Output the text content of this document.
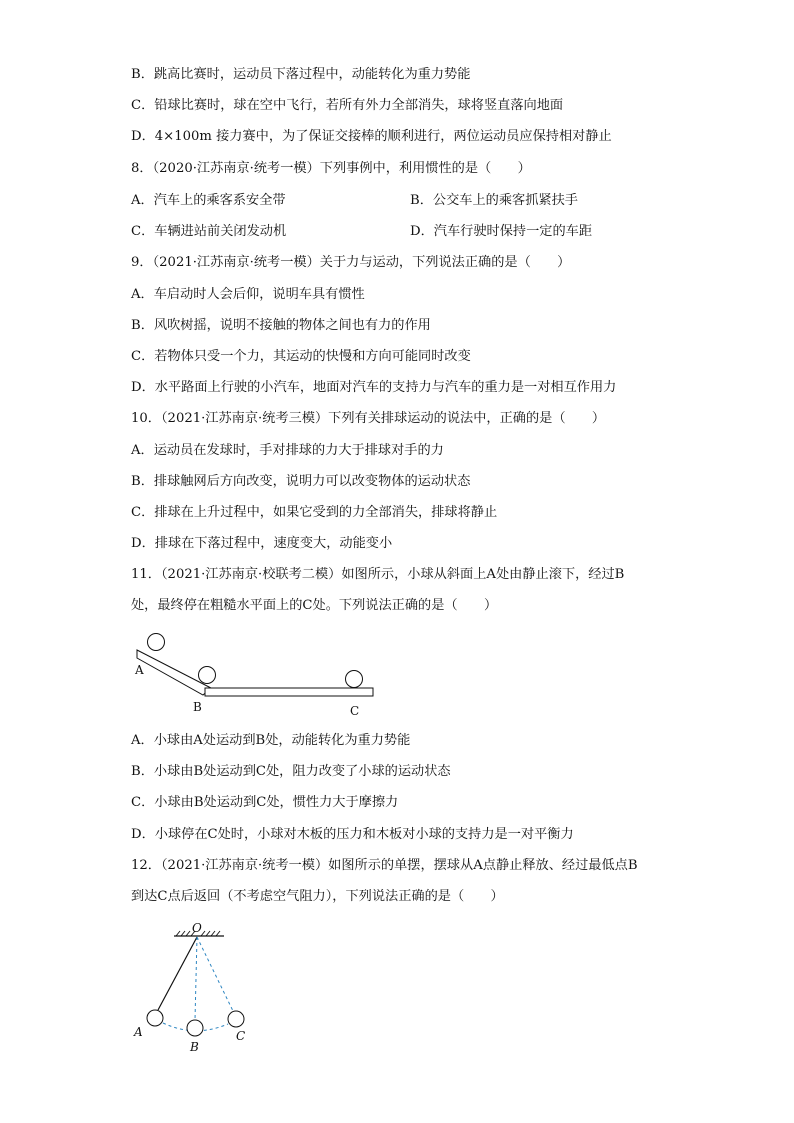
B．跳高比赛时，运动员下落过程中，动能转化为重力势能
C．铅球比赛时，球在空中飞行，若所有外力全部消失，球将竖直落向地面
D．4×100m 接力赛中，为了保证交接棒的顺利进行，两位运动员应保持相对静止
8．（2020·江苏南京·统考一模）下列事例中，利用惯性的是（　　）
A．汽车上的乘客系安全带	B．公交车上的乘客抓紧扶手
C．车辆进站前关闭发动机	D．汽车行驶时保持一定的车距
9．（2021·江苏南京·统考一模）关于力与运动，下列说法正确的是（　　）
A．车启动时人会后仰，说明车具有惯性
B．风吹树摇，说明不接触的物体之间也有力的作用
C．若物体只受一个力，其运动的快慢和方向可能同时改变
D．水平路面上行驶的小汽车，地面对汽车的支持力与汽车的重力是一对相互作用力
10．（2021·江苏南京·统考三模）下列有关排球运动的说法中，正确的是（　　）
A．运动员在发球时，手对排球的力大于排球对手的力
B．排球触网后方向改变，说明力可以改变物体的运动状态
C．排球在上升过程中，如果它受到的力全部消失，排球将静止
D．排球在下落过程中，速度变大，动能变小
11．（2021·江苏南京·校联考二模）如图所示，小球从斜面上A处由静止滚下，经过B
处，最终停在粗糙水平面上的C处。下列说法正确的是（　　）
A
B	C
A．小球由A处运动到B处，动能转化为重力势能
B．小球由B处运动到C处，阻力改变了小球的运动状态
C．小球由B处运动到C处，惯性力大于摩擦力
D．小球停在C处时，小球对木板的压力和木板对小球的支持力是一对平衡力
12．（2021·江苏南京·统考一模）如图所示的单摆，摆球从A点静止释放、经过最低点B
到达C点后返回（不考虑空气阻力），下列说法正确的是（　　）
O
A
B
C
